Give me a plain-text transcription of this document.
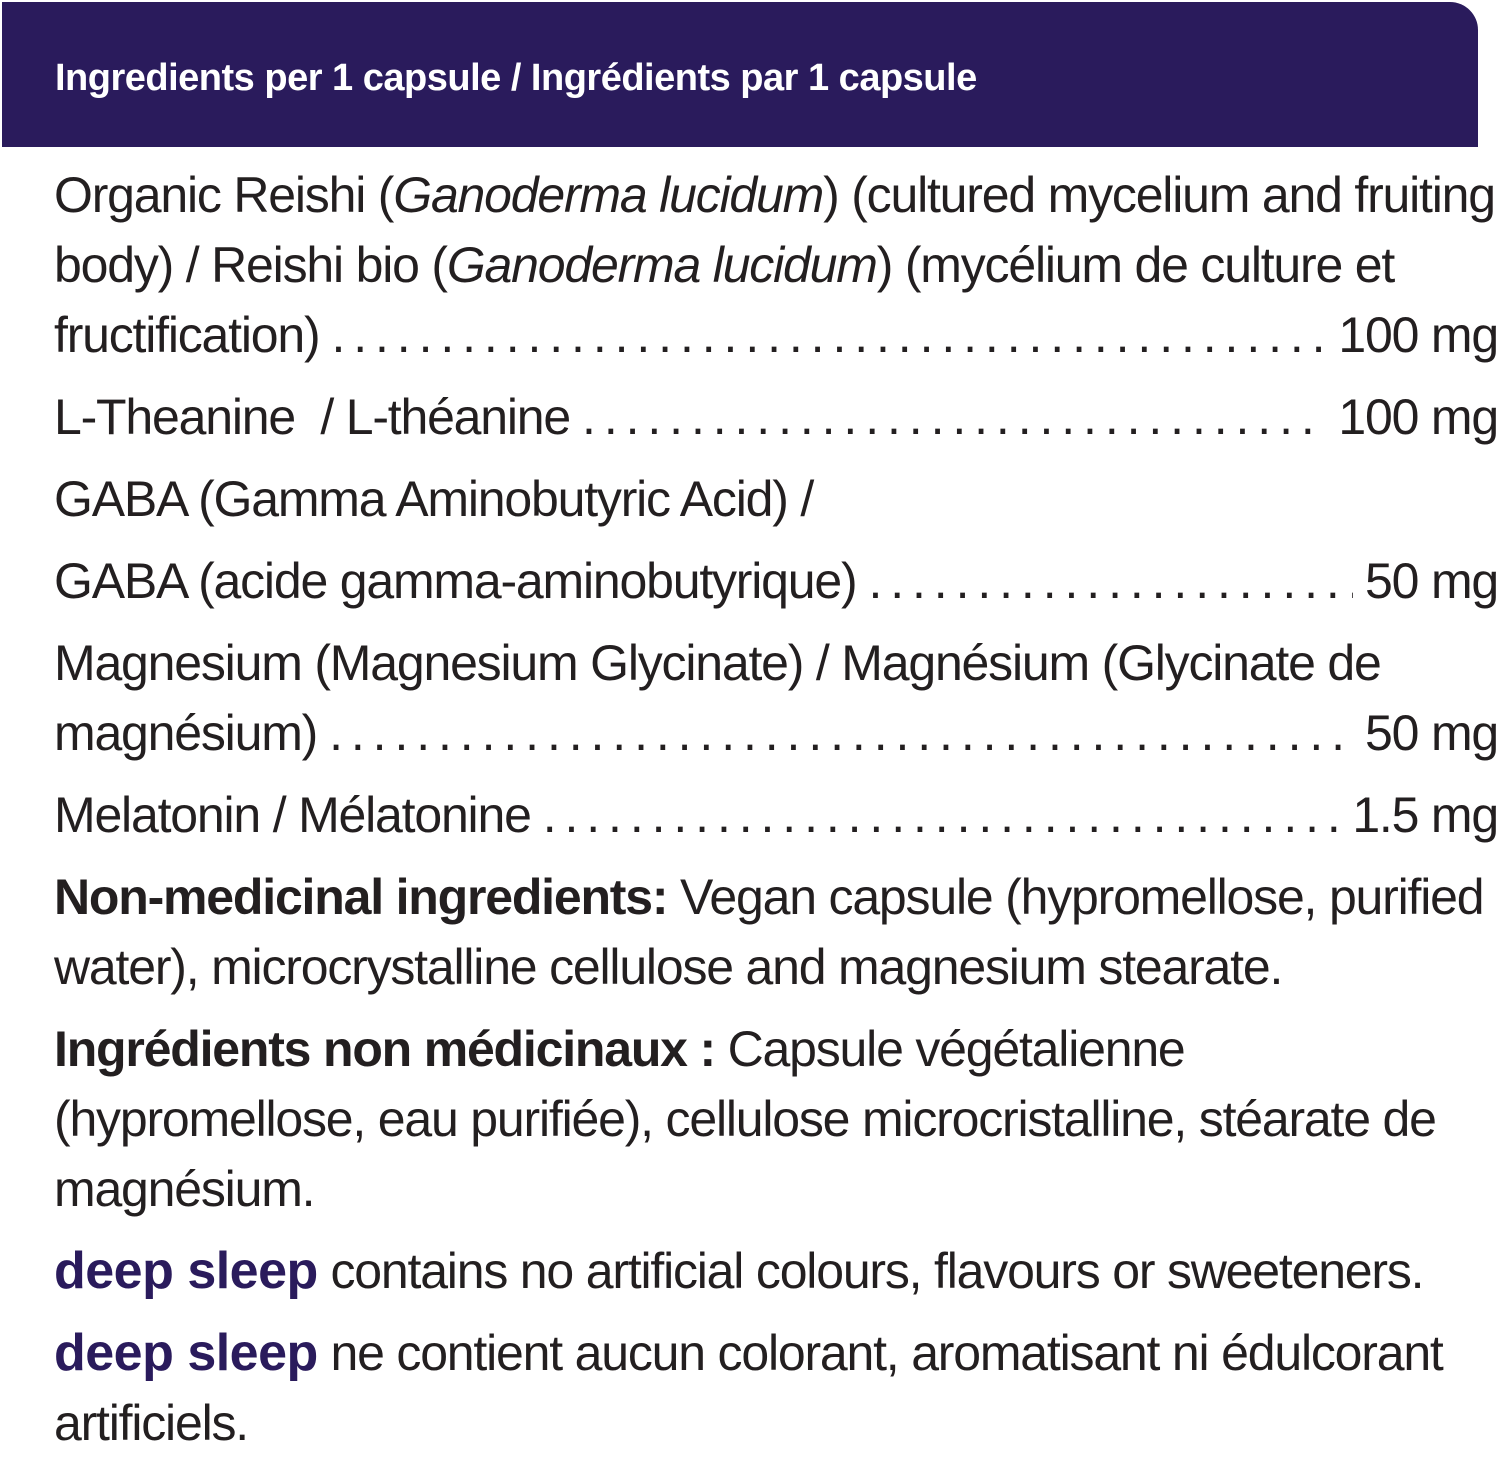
Ingredients per 1 capsule / Ingrédients par 1 capsule
Organic Reishi (Ganoderma lucidum) (cultured mycelium and fruiting
body) / Reishi bio (Ganoderma lucidum) (mycélium de culture et
fructification) . . .	100 mg
L-Theanine  / L-théanine . . .	100 mg
GABA (Gamma Aminobutyric Acid) /
GABA (acide gamma-aminobutyrique) . . .	50 mg
Magnesium (Magnesium Glycinate) / Magnésium (Glycinate de
magnésium) . . .	50 mg
Melatonin / Mélatonine . . .	1.5 mg
Non-medicinal ingredients: Vegan capsule (hypromellose, purified water), microcrystalline cellulose and magnesium stearate.
Ingrédients non médicinaux : Capsule végétalienne (hypromellose, eau purifiée), cellulose microcristalline, stéarate de magnésium.
deep sleep contains no artificial colours, flavours or sweeteners.
deep sleep ne contient aucun colorant, aromatisant ni édulcorant artificiels.
